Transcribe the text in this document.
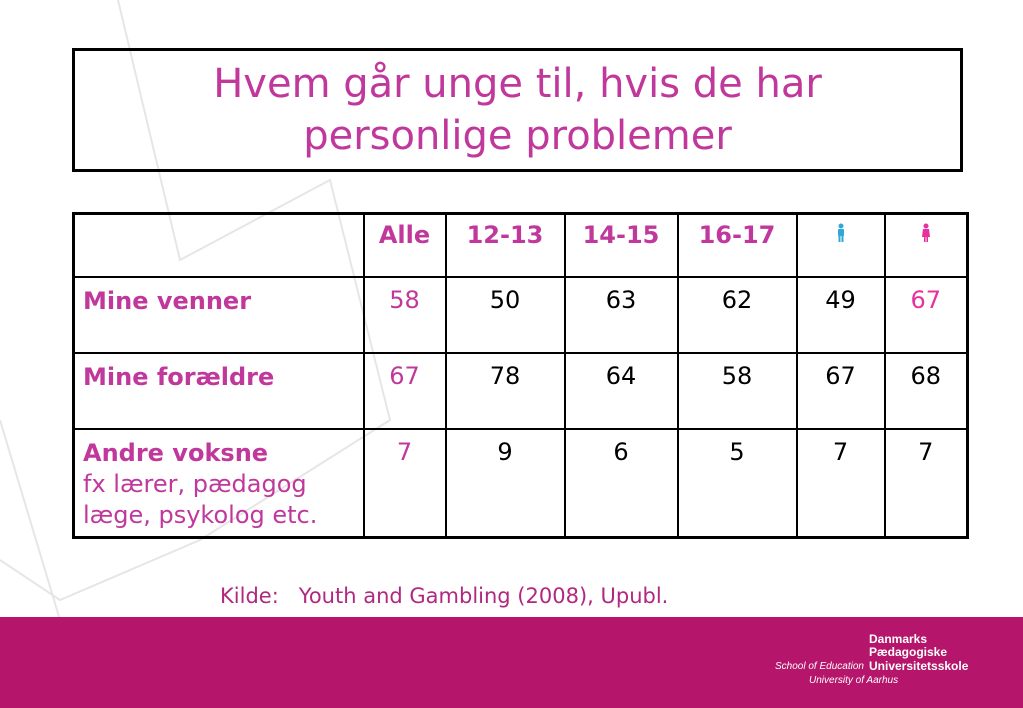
Hvem går unge til, hvis de har
personlige problemer
	Alle	12-13	14-15	16-17		
Mine venner	58	50	63	62	49	67
Mine forældre	67	78	64	58	67	68
Andre voksne
fx lærer, pædagog
læge, psykolog etc.	7	9	6	5	7	7
Kilde: Youth and Gambling (2008), Upubl.
Danmarks
Pædagogiske
Universitetsskole
School of Education
University of Aarhus
